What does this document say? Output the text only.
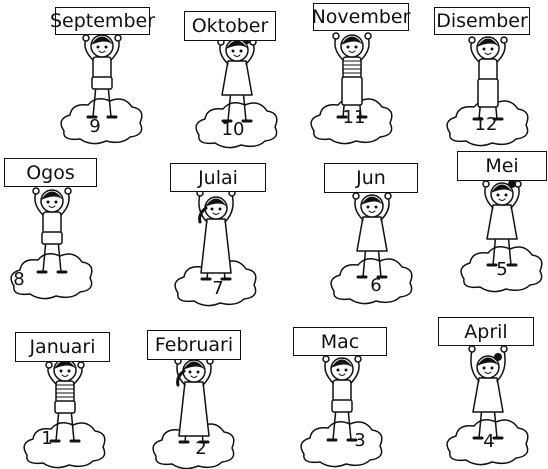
September
9
Oktober
10
November
11
Disember
12
Ogos
8
Julai
7
Jun
6
Mei
5
Januari
1
Februari
2
Mac
3
April
4
